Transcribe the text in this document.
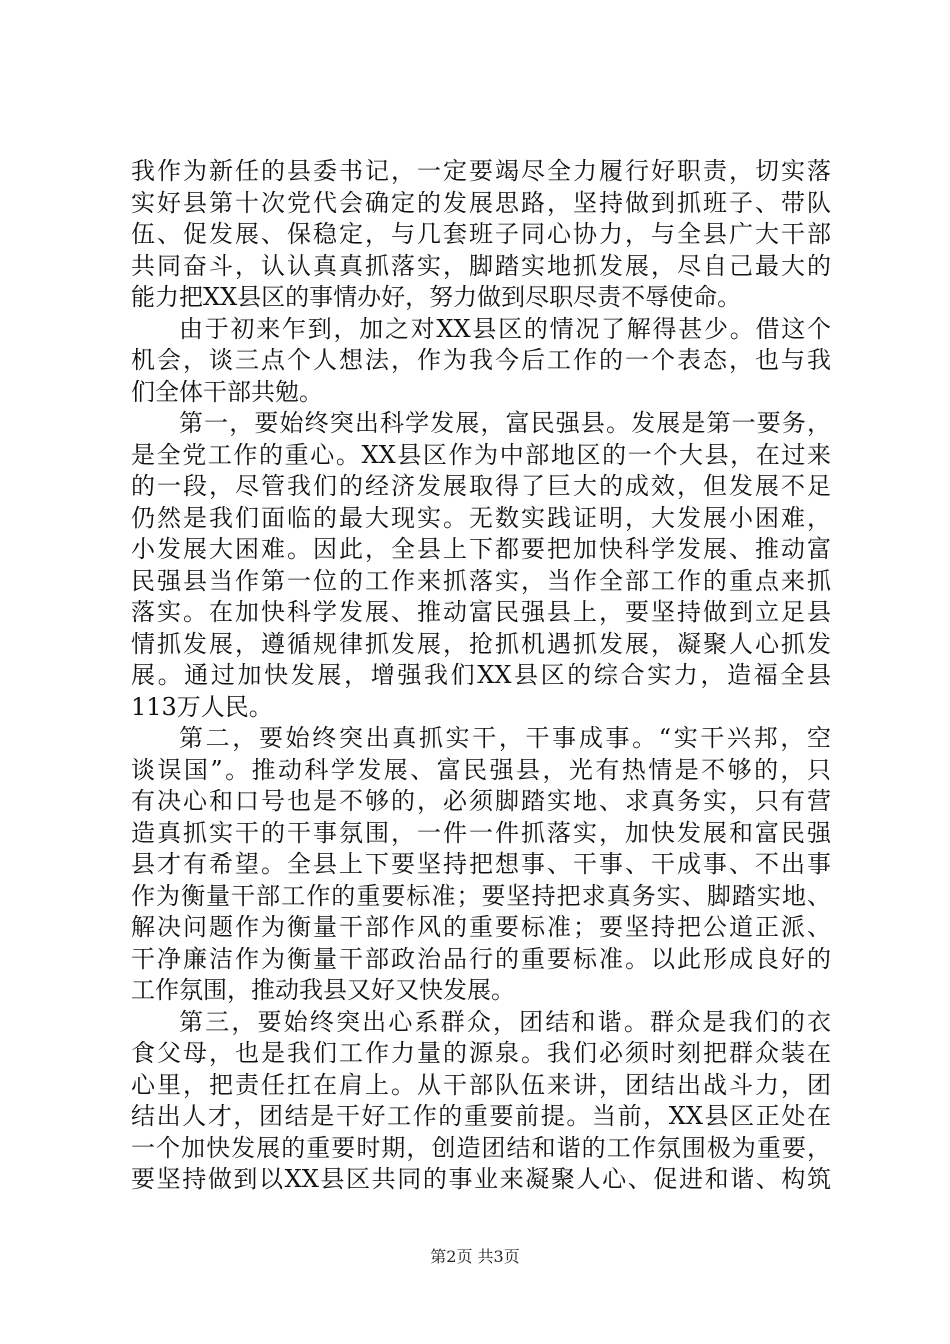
我作为新任的县委书记，一定要竭尽全力履行好职责，切实落
实好县第十次党代会确定的发展思路，坚持做到抓班子、带队
伍、促发展、保稳定，与几套班子同心协力，与全县广大干部
共同奋斗，认认真真抓落实，脚踏实地抓发展，尽自己最大的
能力把XX县区的事情办好，努力做到尽职尽责不辱使命。
由于初来乍到，加之对XX县区的情况了解得甚少。借这个
机会，谈三点个人想法，作为我今后工作的一个表态，也与我
们全体干部共勉。
第一，要始终突出科学发展，富民强县。发展是第一要务，
是全党工作的重心。XX县区作为中部地区的一个大县，在过来
的一段，尽管我们的经济发展取得了巨大的成效，但发展不足
仍然是我们面临的最大现实。无数实践证明，大发展小困难，
小发展大困难。因此，全县上下都要把加快科学发展、推动富
民强县当作第一位的工作来抓落实，当作全部工作的重点来抓
落实。在加快科学发展、推动富民强县上，要坚持做到立足县
情抓发展，遵循规律抓发展，抢抓机遇抓发展，凝聚人心抓发
展。通过加快发展，增强我们XX县区的综合实力，造福全县
113万人民。
第二，要始终突出真抓实干，干事成事。“实干兴邦，空
谈误国”。推动科学发展、富民强县，光有热情是不够的，只
有决心和口号也是不够的，必须脚踏实地、求真务实，只有营
造真抓实干的干事氛围，一件一件抓落实，加快发展和富民强
县才有希望。全县上下要坚持把想事、干事、干成事、不出事
作为衡量干部工作的重要标准；要坚持把求真务实、脚踏实地、
解决问题作为衡量干部作风的重要标准；要坚持把公道正派、
干净廉洁作为衡量干部政治品行的重要标准。以此形成良好的
工作氛围，推动我县又好又快发展。
第三，要始终突出心系群众，团结和谐。群众是我们的衣
食父母，也是我们工作力量的源泉。我们必须时刻把群众装在
心里，把责任扛在肩上。从干部队伍来讲，团结出战斗力，团
结出人才，团结是干好工作的重要前提。当前，XX县区正处在
一个加快发展的重要时期，创造团结和谐的工作氛围极为重要，
要坚持做到以XX县区共同的事业来凝聚人心、促进和谐、构筑
第2页 共3页
